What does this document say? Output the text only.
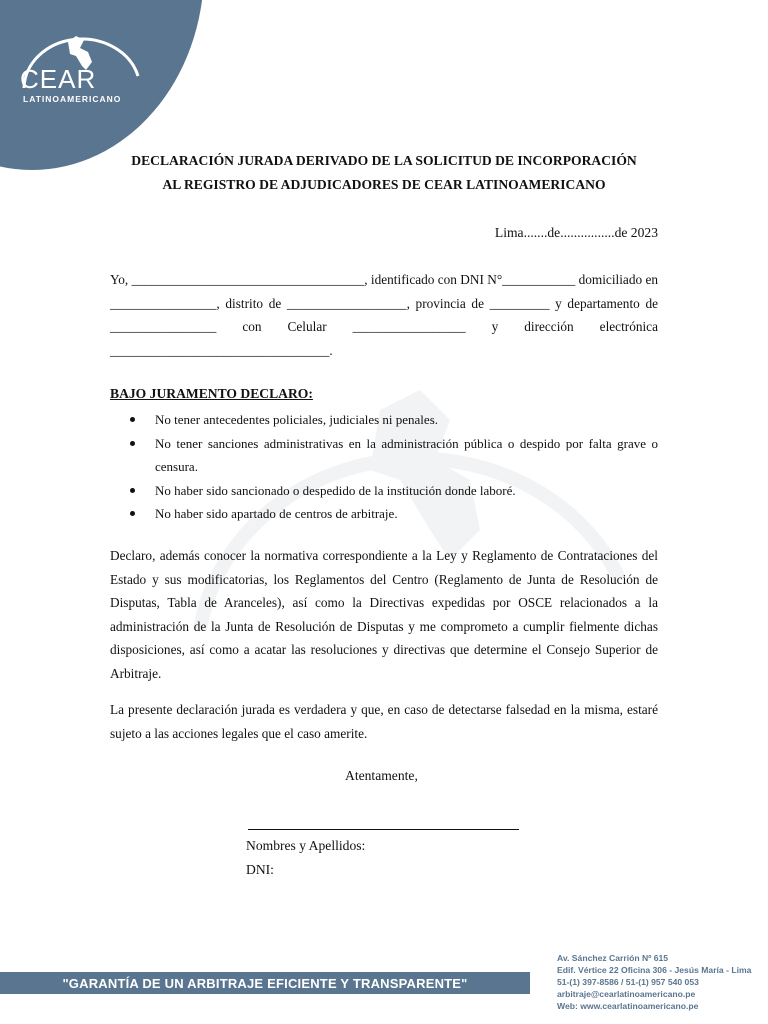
CEAR
LATINOAMERICANO
DECLARACIÓN JURADA DERIVADO DE LA SOLICITUD DE INCORPORACIÓN
AL REGISTRO DE ADJUDICADORES DE CEAR LATINOAMERICANO
Lima.......de................de 2023
Yo, ___________________________________, identificado con DNI N°___________ domiciliado en ________________, distrito de __________________, provincia de _________ y departamento de ________________ con Celular _________________ y dirección electrónica _________________________________.
BAJO JURAMENTO DECLARO:
No tener antecedentes policiales, judiciales ni penales.
No tener sanciones administrativas en la administración pública o despido por falta grave o censura.
No haber sido sancionado o despedido de la institución donde laboré.
No haber sido apartado de centros de arbitraje.
Declaro, además conocer la normativa correspondiente a la Ley y Reglamento de Contrataciones del Estado y sus modificatorias, los Reglamentos del Centro (Reglamento de Junta de Resolución de Disputas, Tabla de Aranceles), así como la Directivas expedidas por OSCE relacionados a la administración de la Junta de Resolución de Disputas y me comprometo a cumplir fielmente dichas disposiciones, así como a acatar las resoluciones y directivas que determine el Consejo Superior de Arbitraje.
La presente declaración jurada es verdadera y que, en caso de detectarse falsedad en la misma, estaré sujeto a las acciones legales que el caso amerite.
Atentamente,
Nombres y Apellidos:
DNI:
"GARANTÍA DE UN ARBITRAJE EFICIENTE Y TRANSPARENTE"
Av. Sánchez Carrión Nº 615
Edif. Vértice 22 Oficina 306 - Jesús María - Lima
51-(1) 397-8586 / 51-(1) 957 540 053
arbitraje@cearlatinoamericano.pe
Web: www.cearlatinoamericano.pe
